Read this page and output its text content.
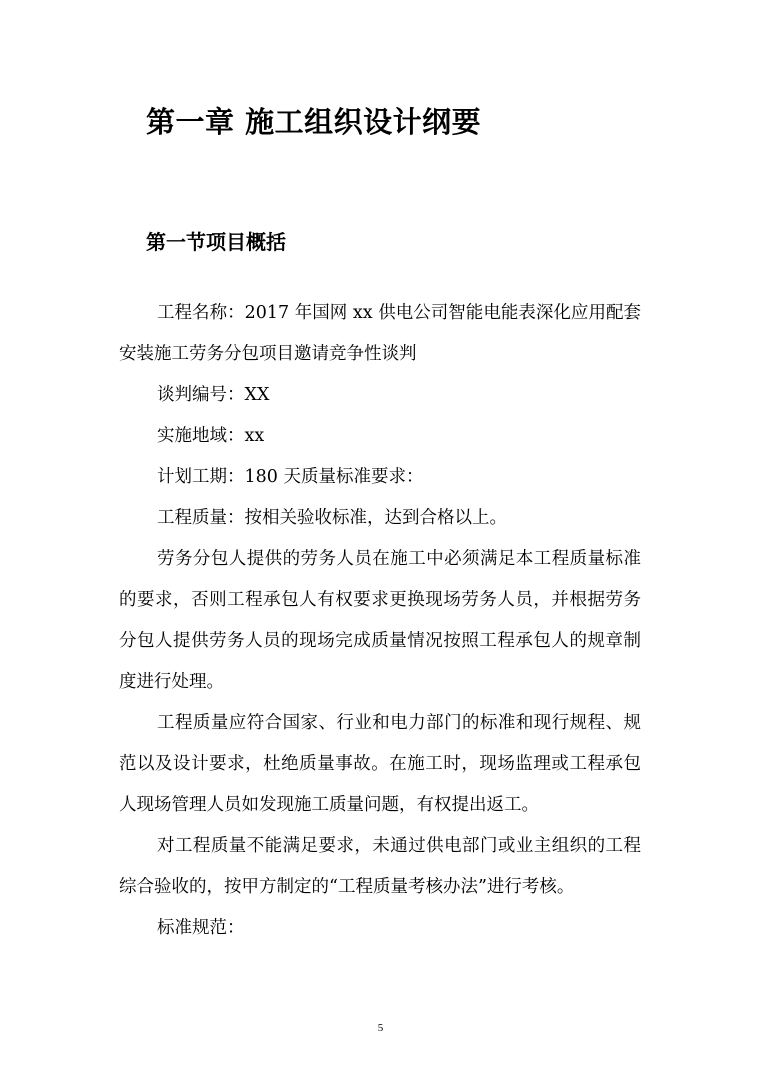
第一章 施工组织设计纲要
第一节项目概括

工程名称：2017 年国网 xx 供电公司智能电能表深化应用配套安装施工劳务分包项目邀请竞争性谈判

谈判编号：XX

实施地域：xx

计划工期：180 天质量标准要求：

工程质量：按相关验收标准，达到合格以上。

劳务分包人提供的劳务人员在施工中必须满足本工程质量标准的要求，否则工程承包人有权要求更换现场劳务人员，并根据劳务分包人提供劳务人员的现场完成质量情况按照工程承包人的规章制度进行处理。

工程质量应符合国家、行业和电力部门的标准和现行规程、规范以及设计要求，杜绝质量事故。在施工时，现场监理或工程承包人现场管理人员如发现施工质量问题，有权提出返工。

对工程质量不能满足要求，未通过供电部门或业主组织的工程综合验收的，按甲方制定的“工程质量考核办法”进行考核。

标准规范：

5
